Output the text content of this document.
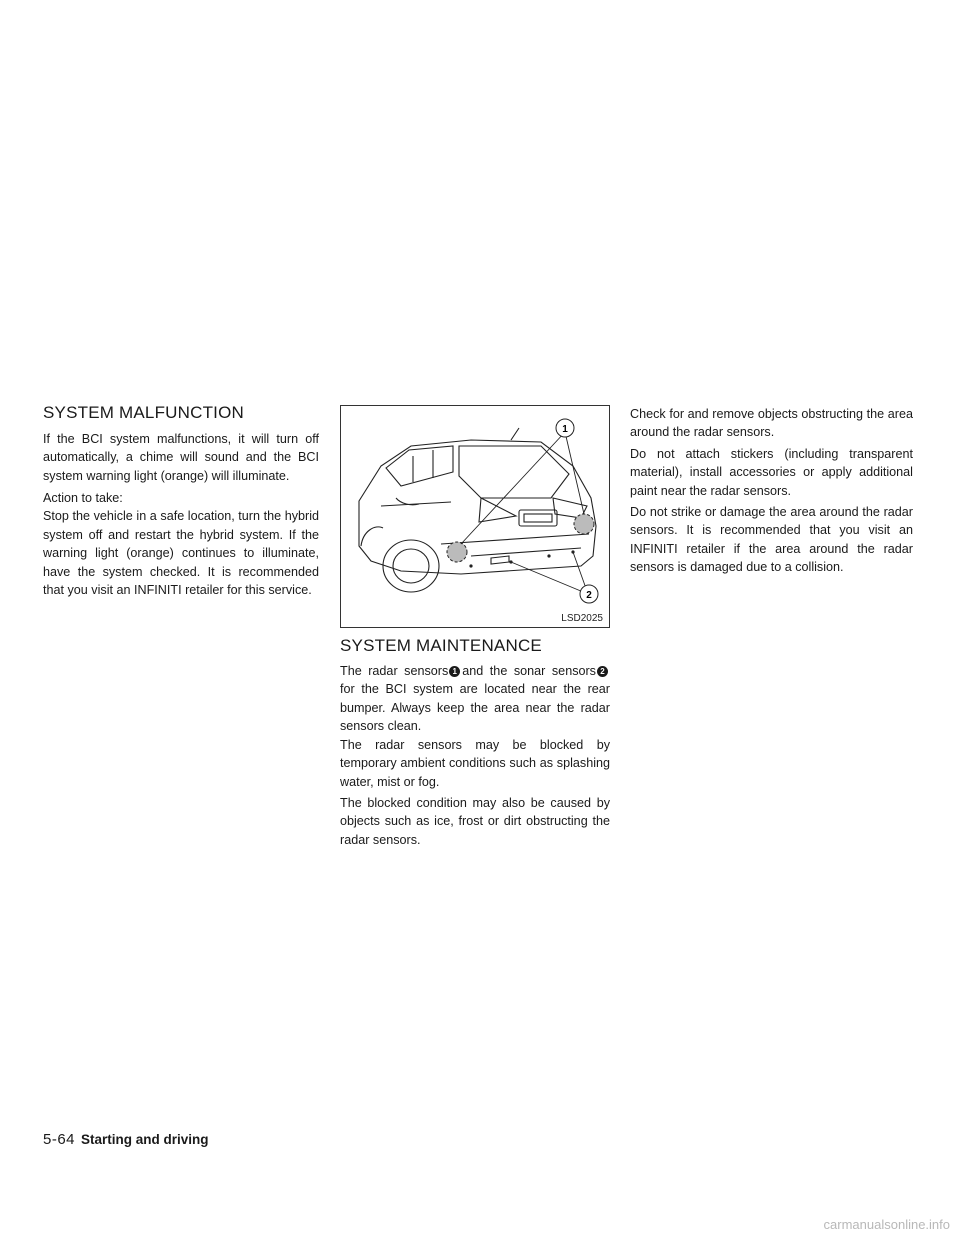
SYSTEM MALFUNCTION

If the BCI system malfunctions, it will turn off automatically, a chime will sound and the BCI system warning light (orange) will illuminate.

Action to take:
Stop the vehicle in a safe location, turn the hybrid system off and restart the hybrid system. If the warning light (orange) continues to illuminate, have the system checked. It is recommended that you visit an INFINITI retailer for this service.

1
2
LSD2025
SYSTEM MAINTENANCE

The radar sensors 1 and the sonar sensors 2 for the BCI system are located near the rear bumper. Always keep the area near the radar sensors clean.

The radar sensors may be blocked by temporary ambient conditions such as splashing water, mist or fog.

The blocked condition may also be caused by objects such as ice, frost or dirt obstructing the radar sensors.

Check for and remove objects obstructing the area around the radar sensors.

Do not attach stickers (including transparent material), install accessories or apply additional paint near the radar sensors.

Do not strike or damage the area around the radar sensors. It is recommended that you visit an INFINITI retailer if the area around the radar sensors is damaged due to a collision.

5-64 Starting and driving
carmanualsonline.info
